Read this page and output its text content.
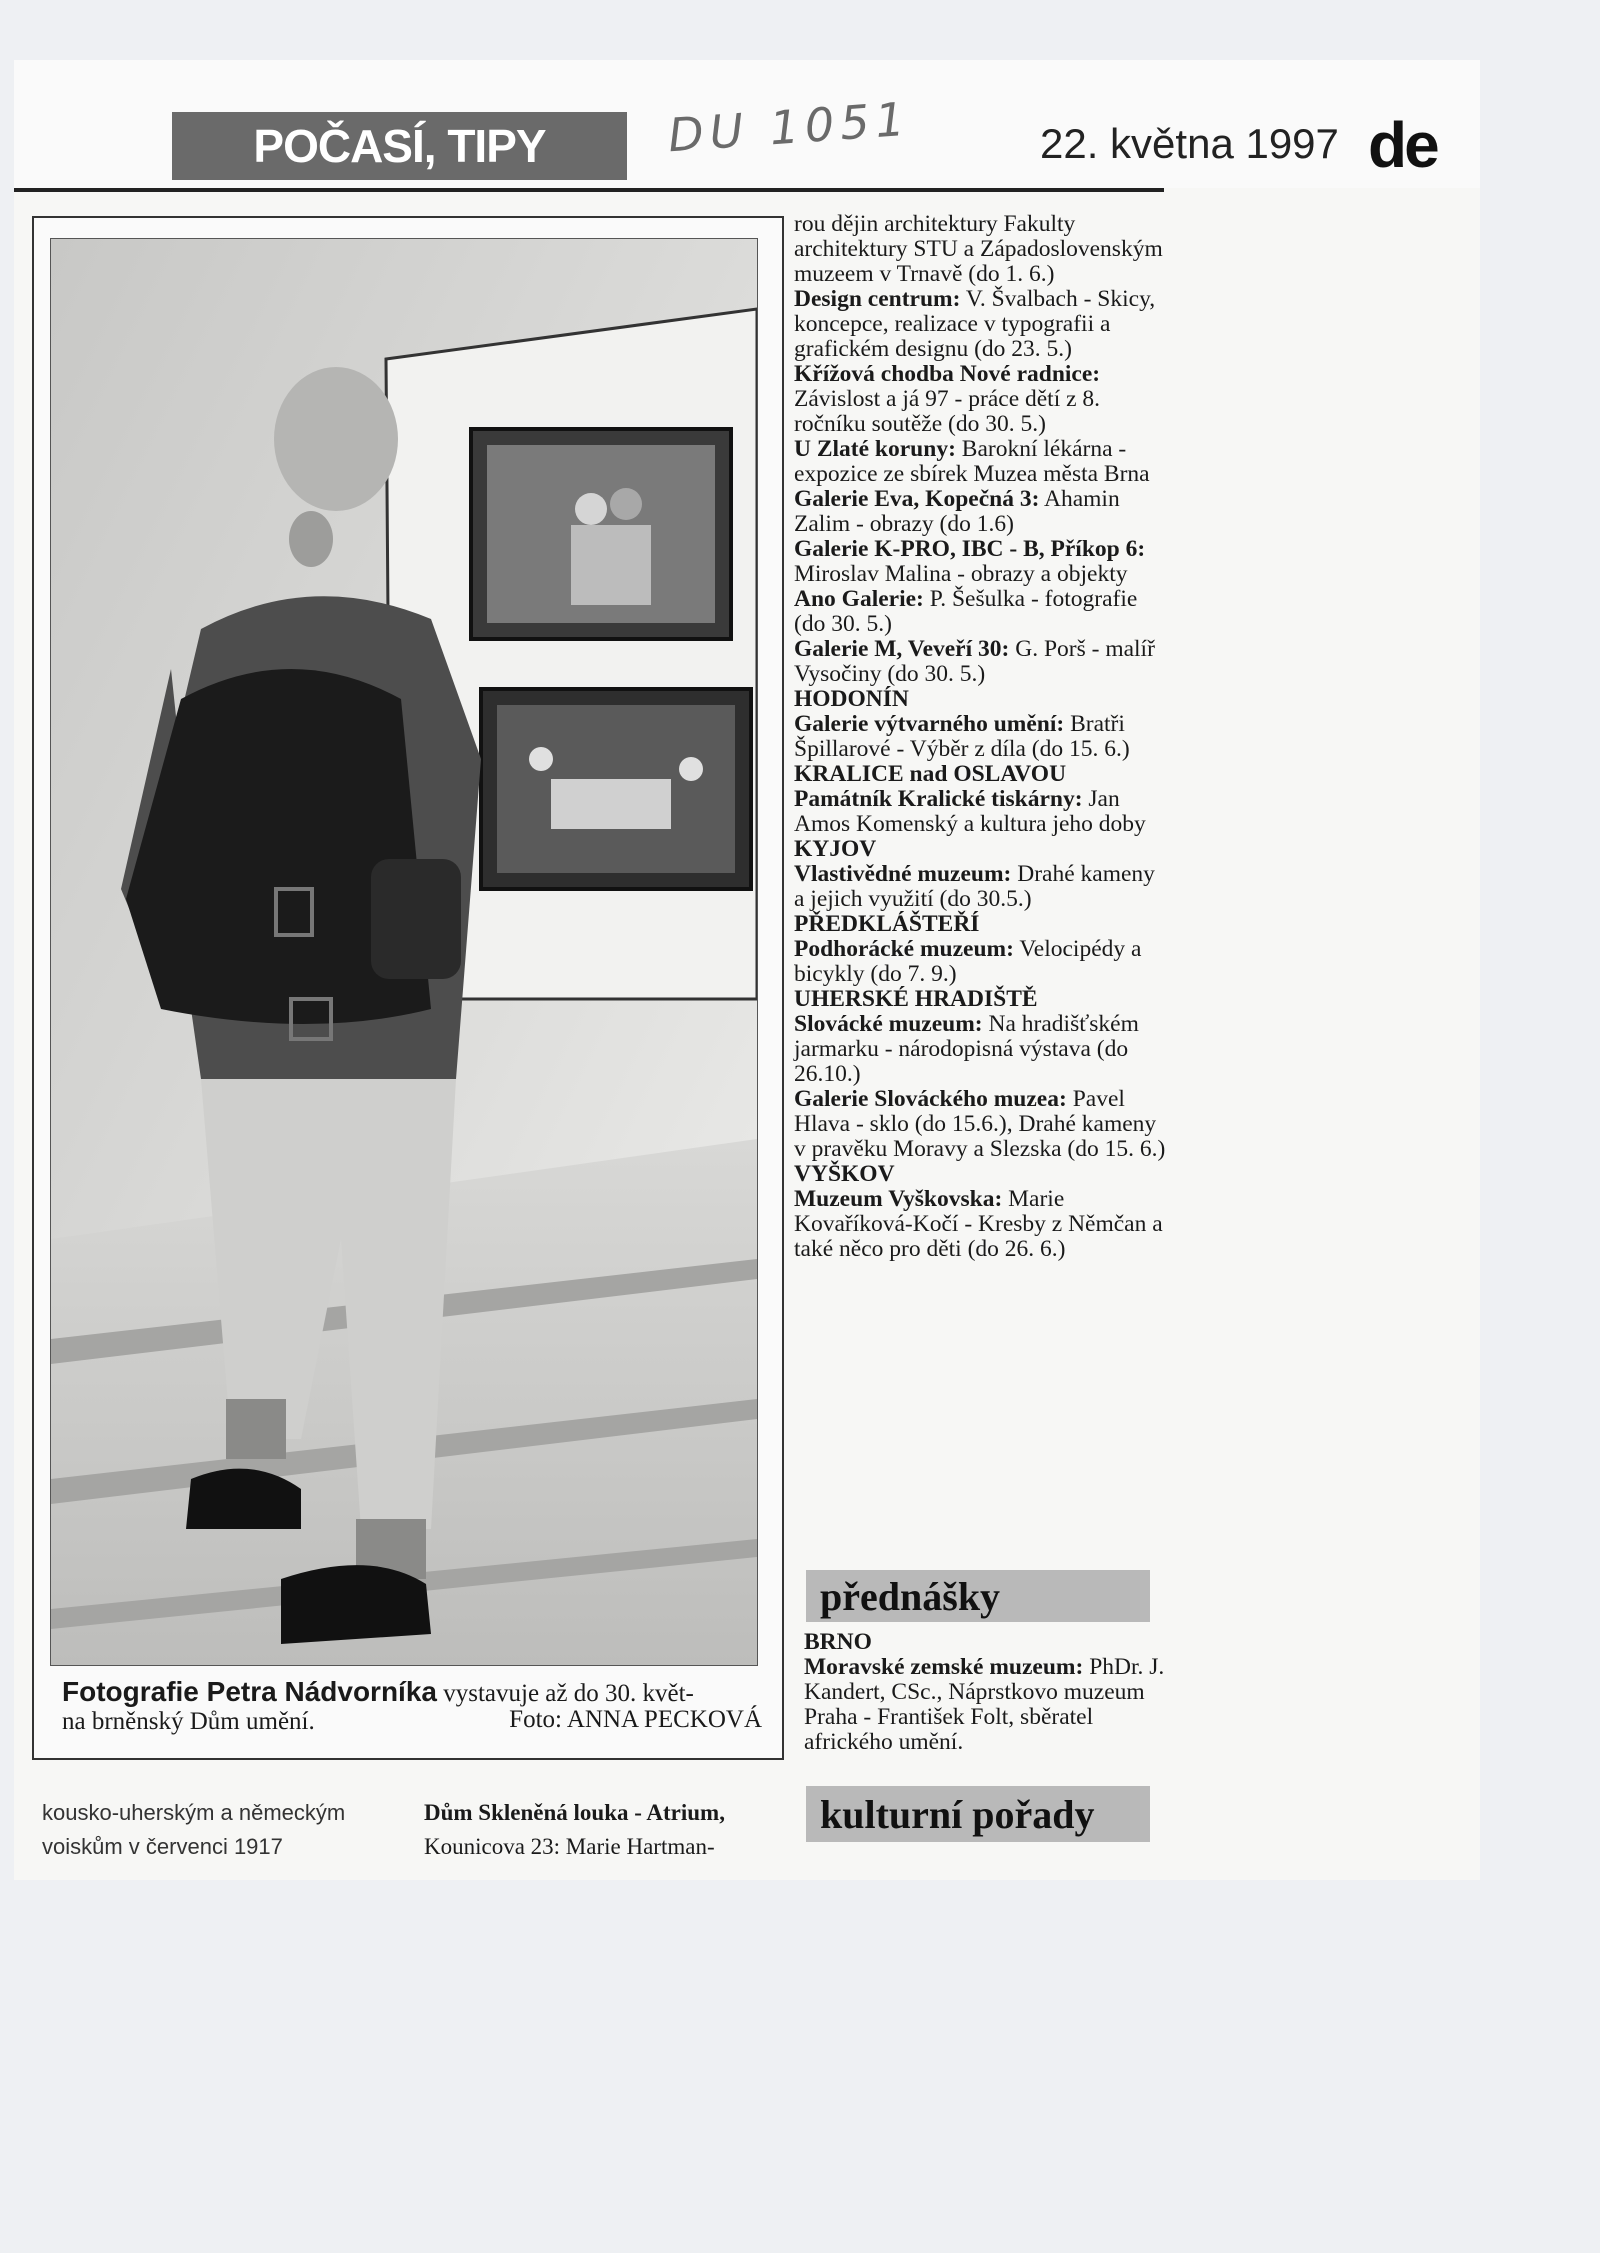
POČASÍ, TIPY	DU 1051	22. května 1997 de
Fotografie Petra Nádvorníka vystavuje až do 30. květ-
na brněnský Dům umění.	Foto: ANNA PECKOVÁ
kousko-uherským a německým
voiskům v červenci 1917
Dům Skleněná louka - Atrium,
Kounicova 23: Marie Hartman-

rou dějin architektury Fakulty architektury STU a Západoslovenským muzeem v Trnavě (do 1. 6.)

Design centrum: V. Švalbach - Skicy, koncepce, realizace v typografii a grafickém designu (do 23. 5.)

Křížová chodba Nové radnice: Závislost a já 97 - práce dětí z 8. ročníku soutěže (do 30. 5.)

U Zlaté koruny: Barokní lékárna - expozice ze sbírek Muzea města Brna

Galerie Eva, Kopečná 3: Ahamin Zalim - obrazy (do 1.6)

Galerie K-PRO, IBC - B, Příkop 6: Miroslav Malina - obrazy a objekty

Ano Galerie: P. Šešulka - fotografie (do 30. 5.)

Galerie M, Veveří 30: G. Porš - malíř Vysočiny (do 30. 5.)

HODONÍN

Galerie výtvarného umění: Bratři Špillarové - Výběr z díla (do 15. 6.)

KRALICE nad OSLAVOU

Památník Kralické tiskárny: Jan Amos Komenský a kultura jeho doby

KYJOV

Vlastivědné muzeum: Drahé kameny a jejich využití (do 30.5.)

PŘEDKLÁŠTEŘÍ

Podhorácké muzeum: Velocipédy a bicykly (do 7. 9.)

UHERSKÉ HRADIŠTĚ

Slovácké muzeum: Na hradišťském jarmarku - národopisná výstava (do 26.10.)

Galerie Slováckého muzea: Pavel Hlava - sklo (do 15.6.), Drahé kameny v pravěku Moravy a Slezska (do 15. 6.)

VYŠKOV

Muzeum Vyškovska: Marie Kovaříková-Kočí - Kresby z Němčan a také něco pro děti (do 26. 6.)

přednášky

BRNO

Moravské zemské muzeum: PhDr. J. Kandert, CSc., Náprstkovo muzeum Praha - František Folt, sběratel afrického umění.

kulturní pořady
